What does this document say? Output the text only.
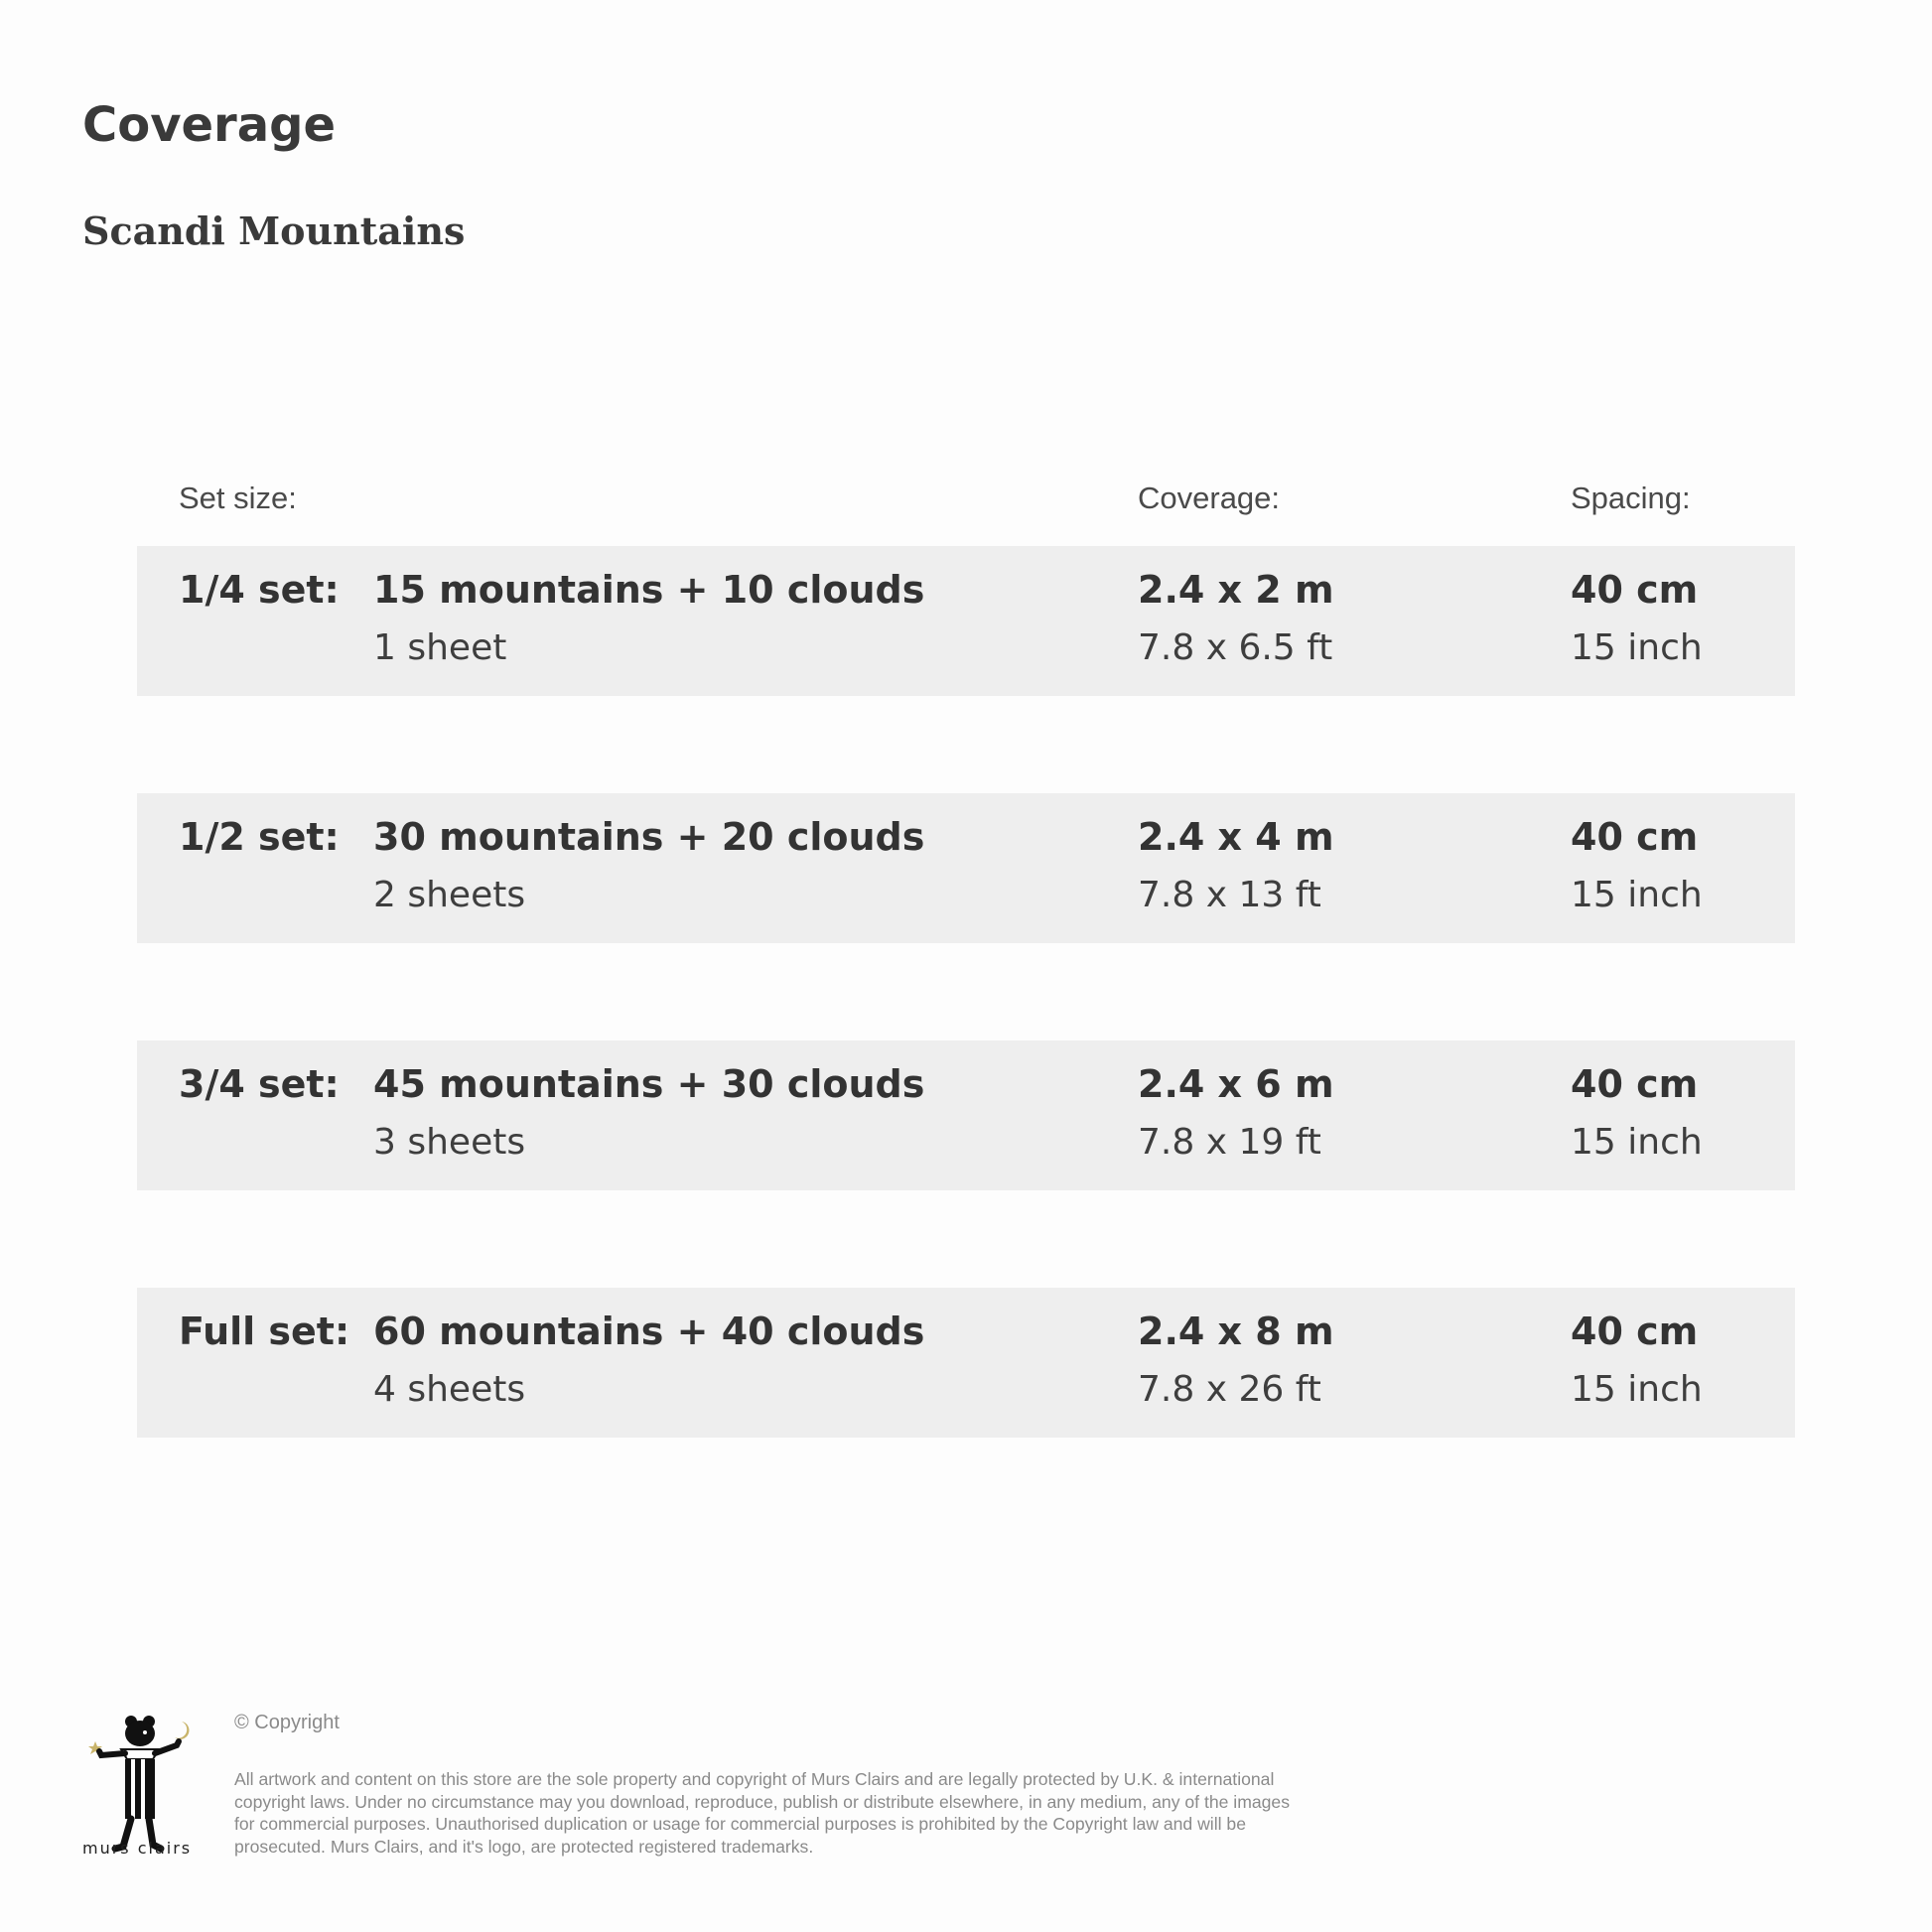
Coverage
Scandi Mountains
Set size:	Coverage:	Spacing:
1/4 set: 15 mountains + 10 clouds
1 sheet
2.4 x 2 m
7.8 x 6.5 ft
40 cm
15 inch
1/2 set: 30 mountains + 20 clouds
2 sheets
2.4 x 4 m
7.8 x 13 ft
40 cm
15 inch
3/4 set: 45 mountains + 30 clouds
3 sheets
2.4 x 6 m
7.8 x 19 ft
40 cm
15 inch
Full set: 60 mountains + 40 clouds
4 sheets
2.4 x 8 m
7.8 x 26 ft
40 cm
15 inch
murs clairs
© Copyright

All artwork and content on this store are the sole property and copyright of Murs Clairs and are legally protected by U.K. & international copyright laws. Under no circumstance may you download, reproduce, publish or distribute elsewhere, in any medium, any of the images for commercial purposes. Unauthorised duplication or usage for commercial purposes is prohibited by the Copyright law and will be prosecuted. Murs Clairs, and it's logo, are protected registered trademarks.
